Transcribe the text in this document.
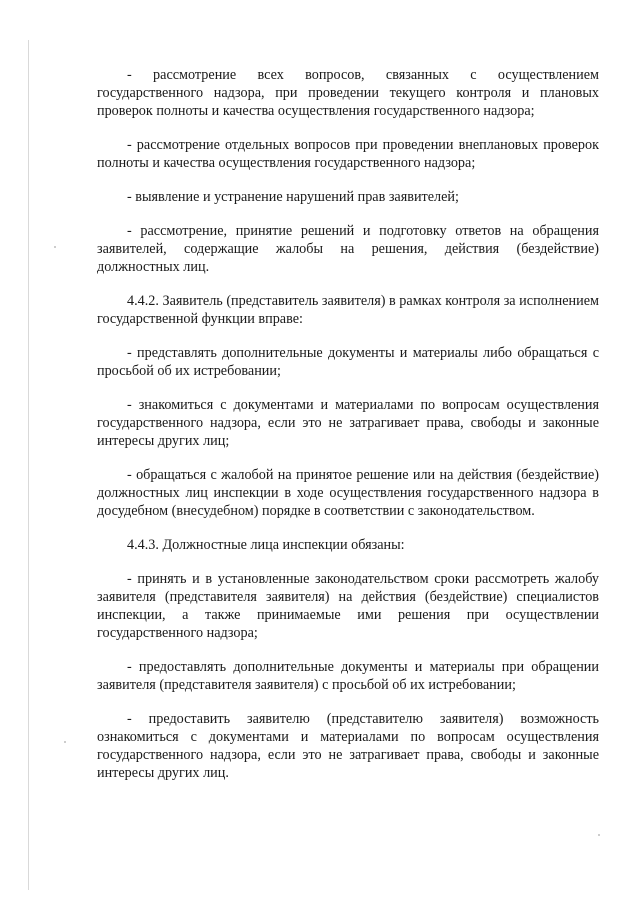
- рассмотрение всех вопросов, связанных с осуществлением государственного надзора, при проведении текущего контроля и плановых проверок полноты и качества осуществления государственного надзора;

- рассмотрение отдельных вопросов при проведении внеплановых проверок полноты и качества осуществления государственного надзора;

- выявление и устранение нарушений прав заявителей;

- рассмотрение, принятие решений и подготовку ответов на обращения заявителей, содержащие жалобы на решения, действия (бездействие) должностных лиц.

4.4.2. Заявитель (представитель заявителя) в рамках контроля за исполнением государственной функции вправе:

- представлять дополнительные документы и материалы либо обращаться с просьбой об их истребовании;

- знакомиться с документами и материалами по вопросам осуществления государственного надзора, если это не затрагивает права, свободы и законные интересы других лиц;

- обращаться с жалобой на принятое решение или на действия (бездействие) должностных лиц инспекции в ходе осуществления государственного надзора в досудебном (внесудебном) порядке в соответствии с законодательством.

4.4.3. Должностные лица инспекции обязаны:

- принять и в установленные законодательством сроки рассмотреть жалобу заявителя (представителя заявителя) на действия (бездействие) специалистов инспекции, а также принимаемые ими решения при осуществлении государственного надзора;

- предоставлять дополнительные документы и материалы при обращении заявителя (представителя заявителя) с просьбой об их истребовании;

- предоставить заявителю (представителю заявителя) возможность ознакомиться с документами и материалами по вопросам осуществления государственного надзора, если это не затрагивает права, свободы и законные интересы других лиц.
